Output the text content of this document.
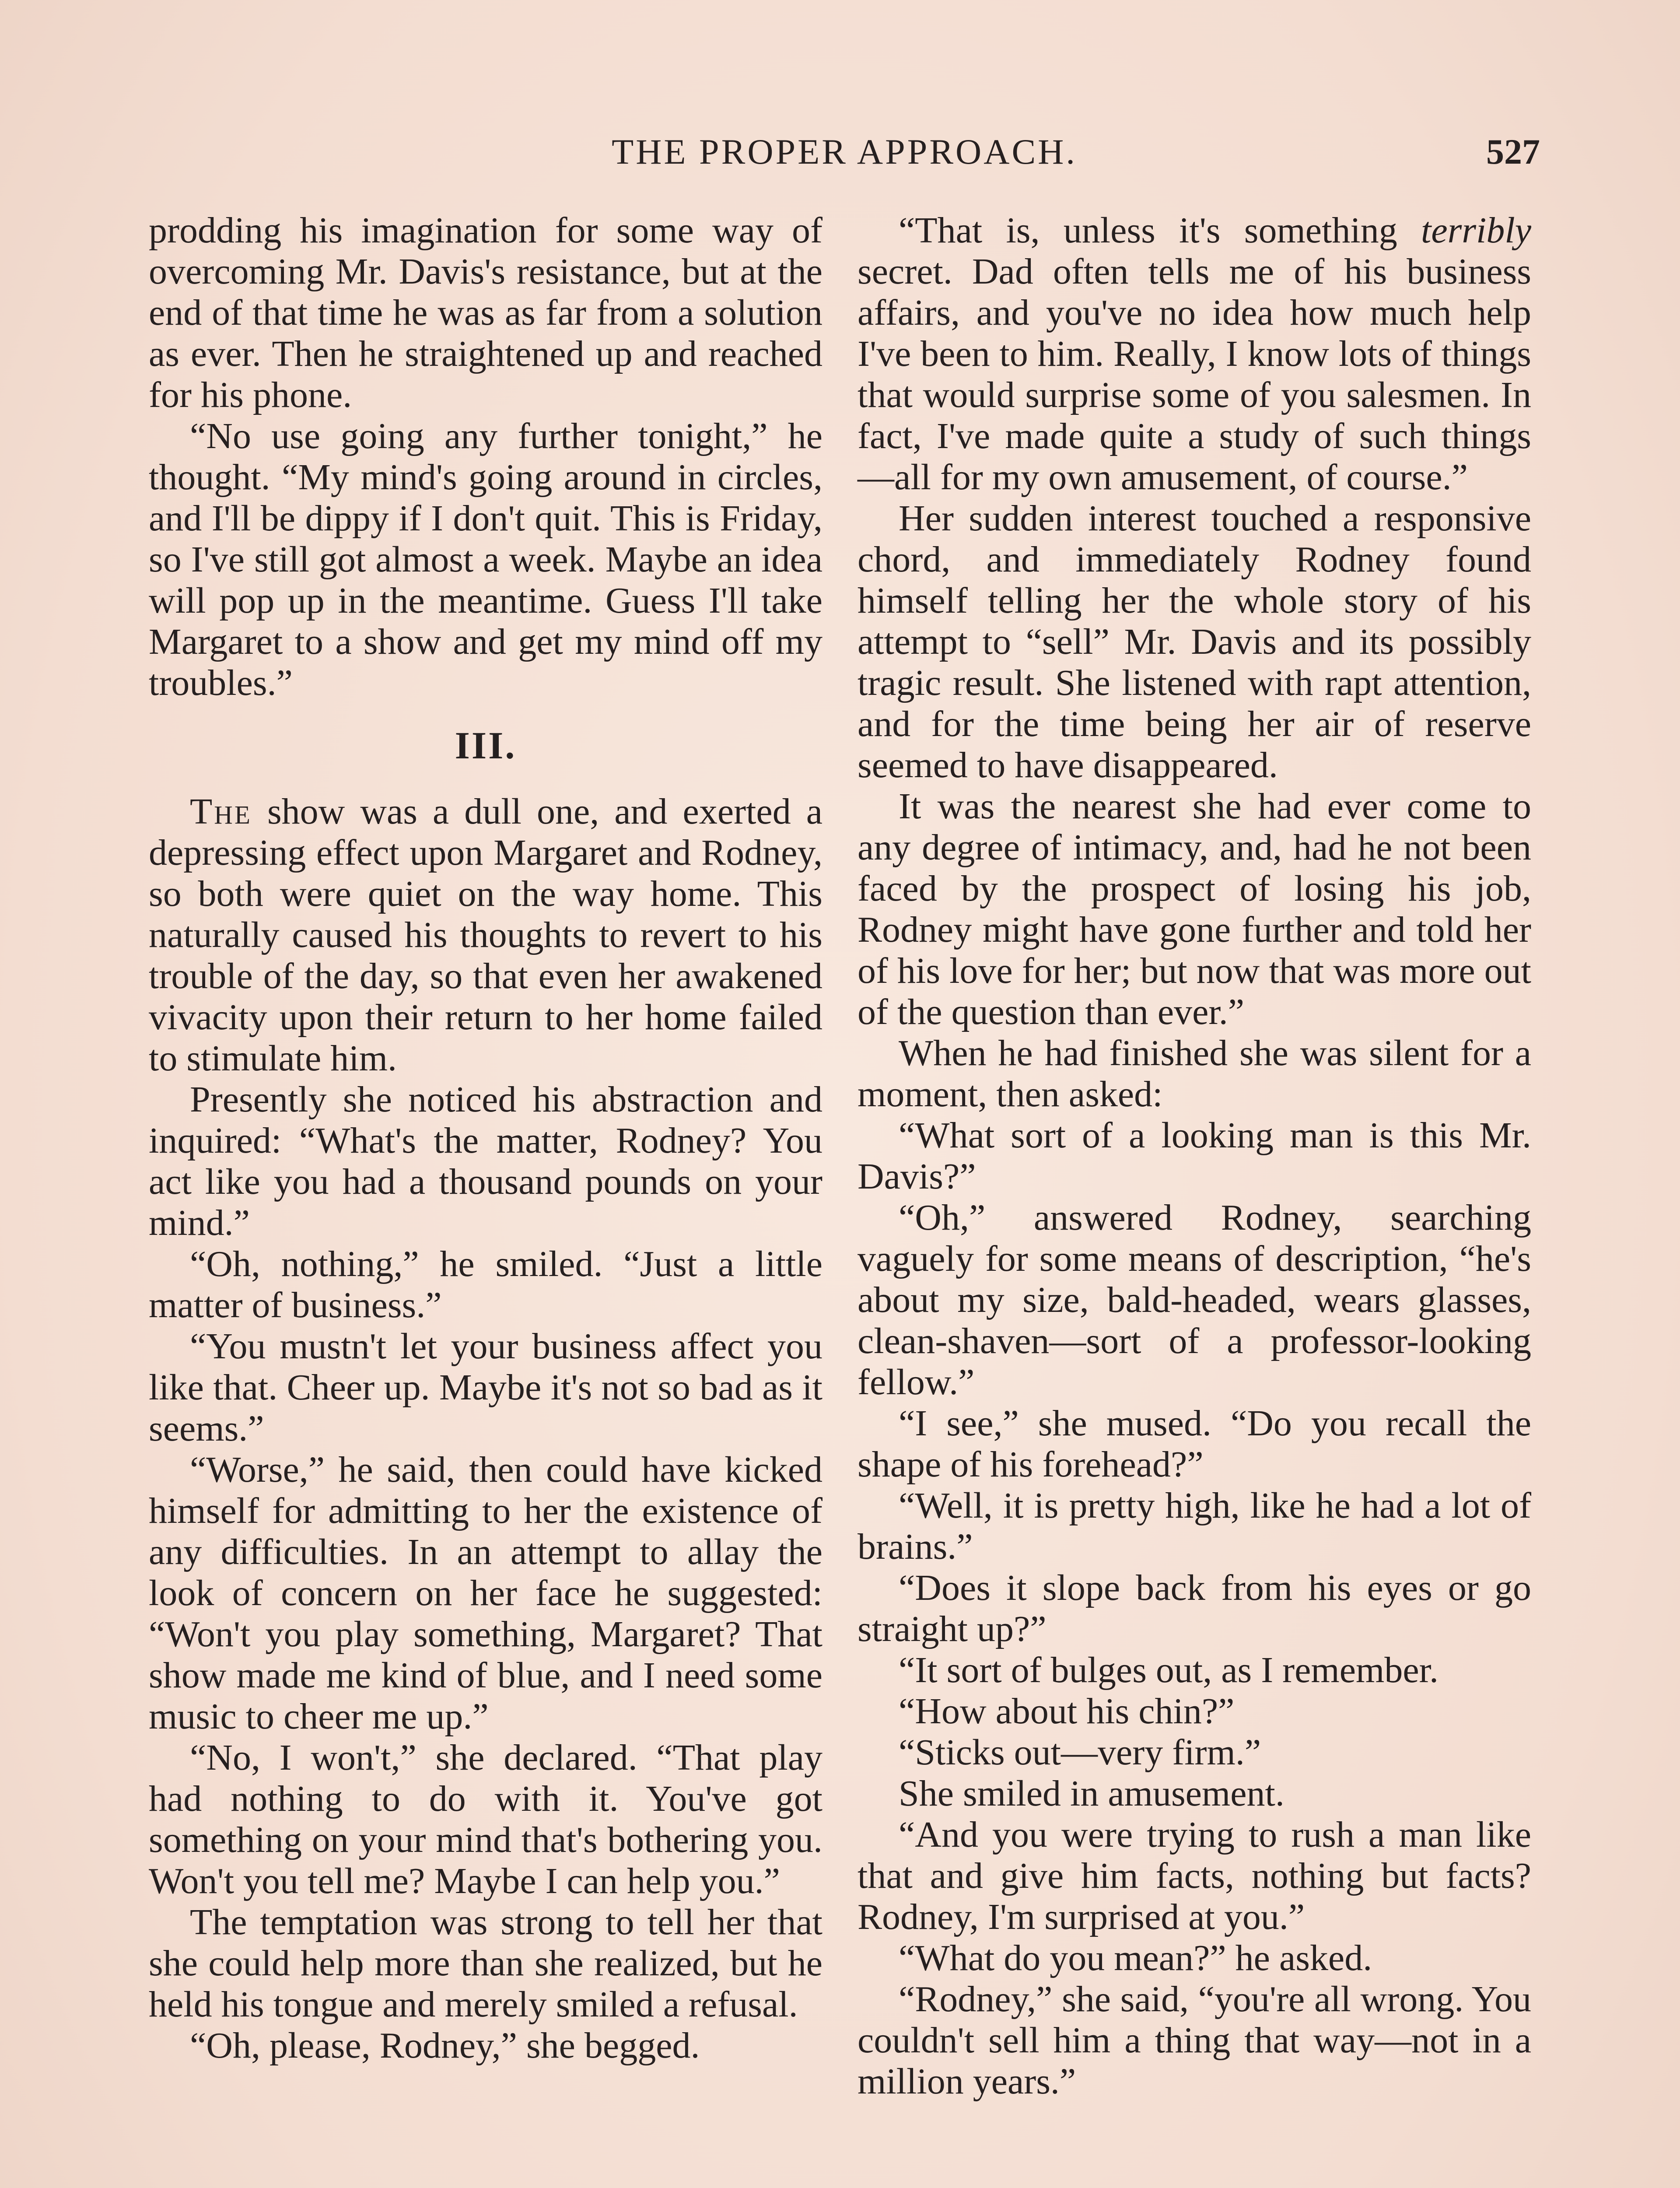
THE PROPER APPROACH.	527

prodding his imagination for some way of overcoming Mr. Davis's resistance, but at the end of that time he was as far from a solution as ever. Then he straightened up and reached for his phone.

“No use going any further tonight,” he thought. “My mind's going around in circles, and I'll be dippy if I don't quit. This is Friday, so I've still got almost a week. Maybe an idea will pop up in the meantime. Guess I'll take Margaret to a show and get my mind off my troubles.”

III.

The show was a dull one, and exerted a depressing effect upon Margaret and Rodney, so both were quiet on the way home. This naturally caused his thoughts to revert to his trouble of the day, so that even her awakened vivacity upon their return to her home failed to stimulate him.

Presently she noticed his abstraction and inquired: “What's the matter, Rodney? You act like you had a thousand pounds on your mind.”

“Oh, nothing,” he smiled. “Just a little matter of business.”

“You mustn't let your business affect you like that. Cheer up. Maybe it's not so bad as it seems.”

“Worse,” he said, then could have kicked himself for admitting to her the existence of any difficulties. In an attempt to allay the look of concern on her face he suggested: “Won't you play something, Margaret? That show made me kind of blue, and I need some music to cheer me up.”

“No, I won't,” she declared. “That play had nothing to do with it. You've got something on your mind that's bothering you. Won't you tell me? Maybe I can help you.”

The temptation was strong to tell her that she could help more than she realized, but he held his tongue and merely smiled a refusal.

“Oh, please, Rodney,” she begged.

“That is, unless it's something terribly secret. Dad often tells me of his business affairs, and you've no idea how much help I've been to him. Really, I know lots of things that would surprise some of you salesmen. In fact, I've made quite a study of such things —all for my own amusement, of course.”

Her sudden interest touched a responsive chord, and immediately Rodney found himself telling her the whole story of his attempt to “sell” Mr. Davis and its possibly tragic result. She listened with rapt attention, and for the time being her air of reserve seemed to have disappeared.

It was the nearest she had ever come to any degree of intimacy, and, had he not been faced by the prospect of losing his job, Rodney might have gone further and told her of his love for her; but now that was more out of the question than ever.”

When he had finished she was silent for a moment, then asked:

“What sort of a looking man is this Mr. Davis?”

“Oh,” answered Rodney, searching vaguely for some means of description, “he's about my size, bald-headed, wears glasses, clean-shaven—sort of a professor-looking fellow.”

“I see,” she mused. “Do you recall the shape of his forehead?”

“Well, it is pretty high, like he had a lot of brains.”

“Does it slope back from his eyes or go straight up?”

“It sort of bulges out, as I remember.

“How about his chin?”

“Sticks out—very firm.”

She smiled in amusement.

“And you were trying to rush a man like that and give him facts, nothing but facts? Rodney, I'm surprised at you.”

“What do you mean?” he asked.

“Rodney,” she said, “you're all wrong. You couldn't sell him a thing that way—not in a million years.”
